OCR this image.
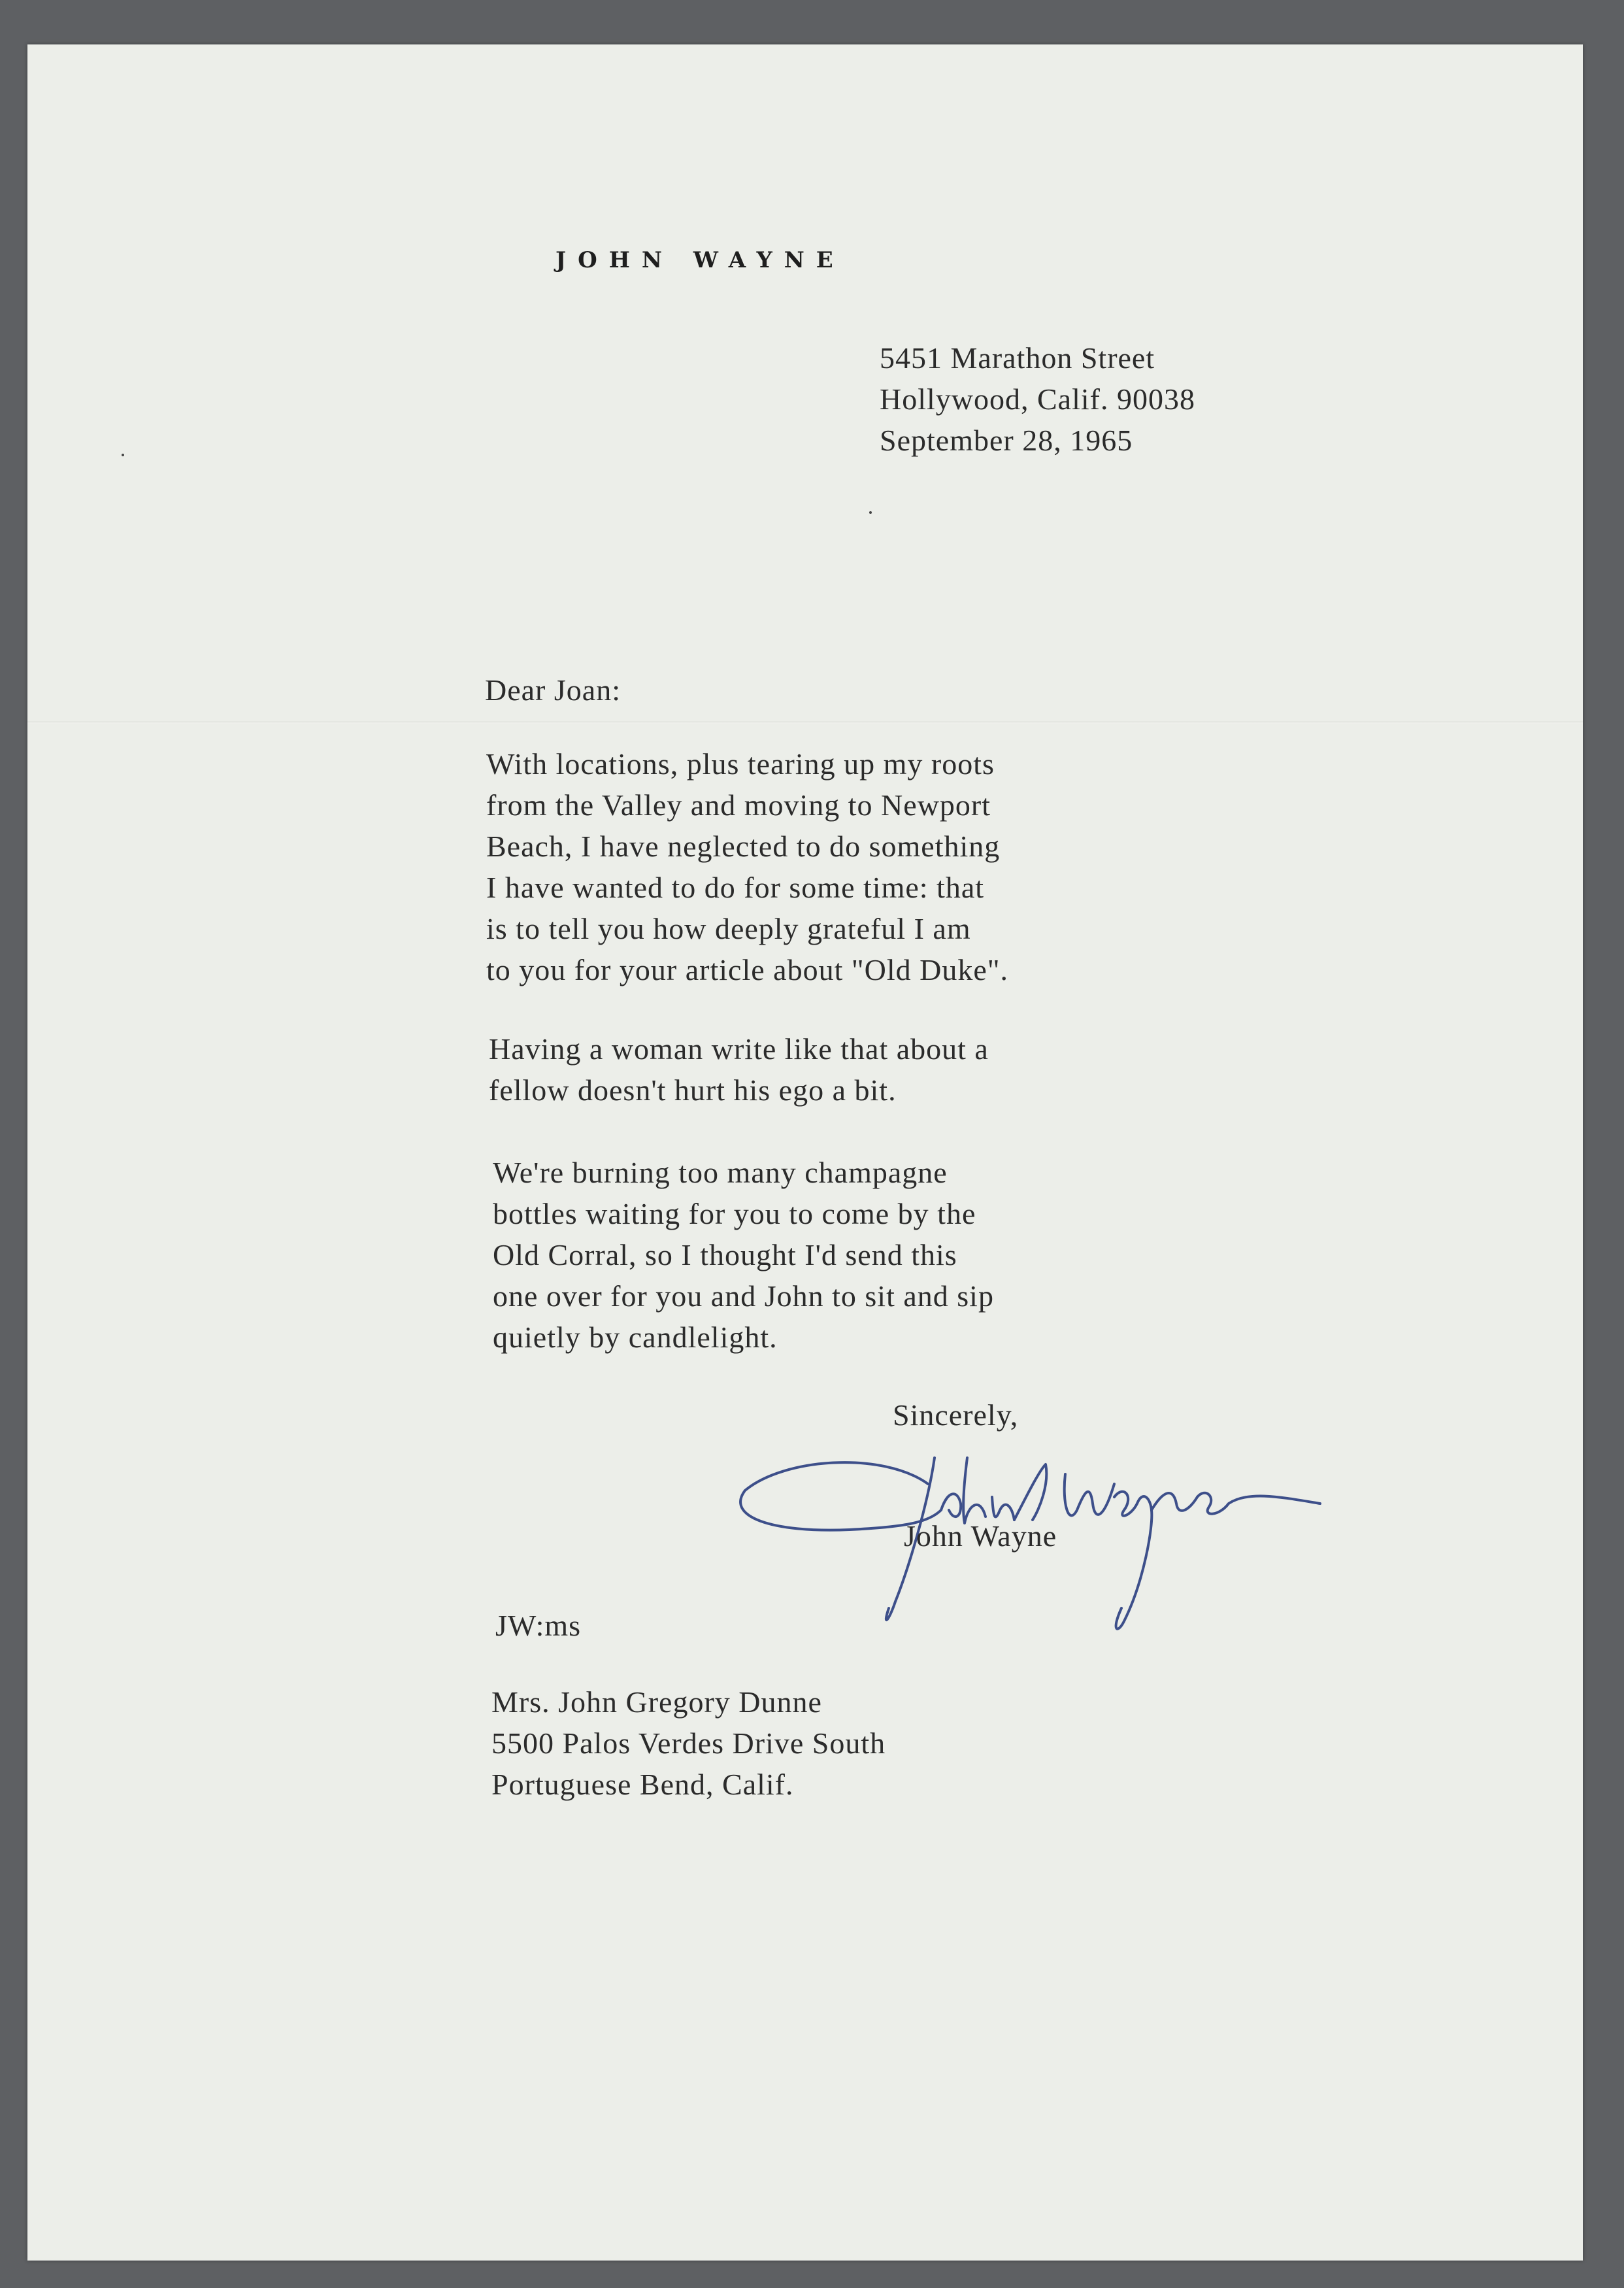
JOHN WAYNE

5451 Marathon Street

Hollywood, Calif. 90038

September 28, 1965

Dear Joan:

With locations, plus tearing up my roots

from the Valley and moving to Newport

Beach, I have neglected to do something

I have wanted to do for some time: that

is to tell you how deeply grateful I am

to you for your article about "Old Duke".

Having a woman write like that about a

fellow doesn't hurt his ego a bit.

We're burning too many champagne

bottles waiting for you to come by the

Old Corral, so I thought I'd send this

one over for you and John to sit and sip

quietly by candlelight.

Sincerely,

John Wayne

JW:ms

Mrs. John Gregory Dunne

5500 Palos Verdes Drive South

Portuguese Bend, Calif.
